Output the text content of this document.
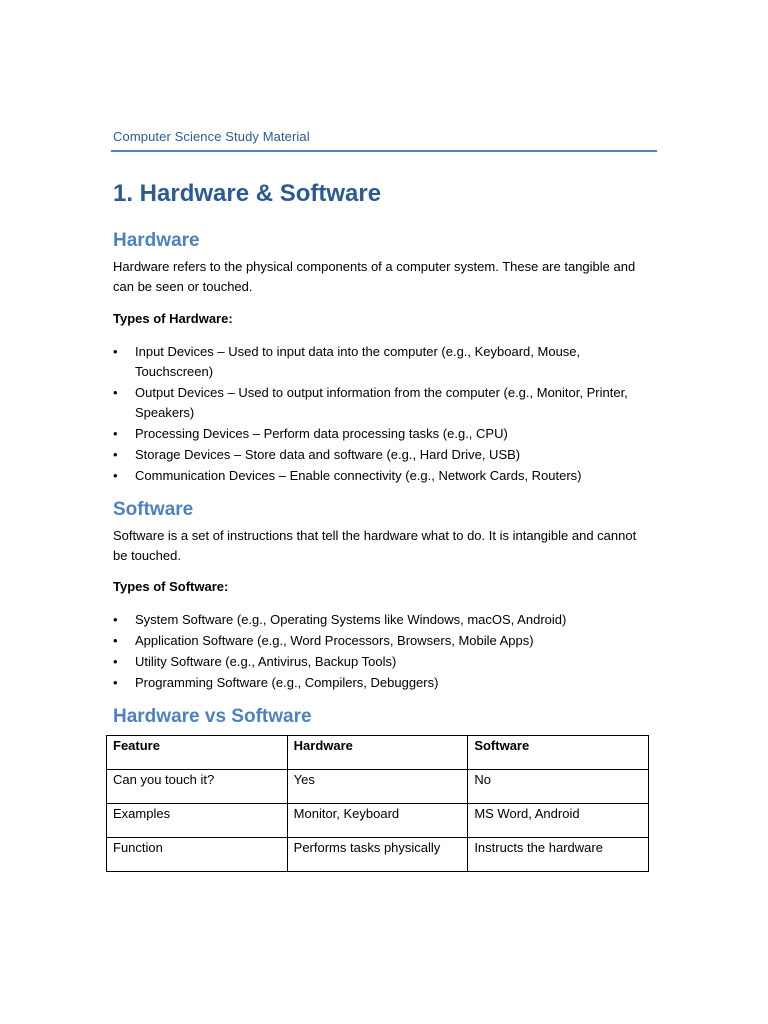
Computer Science Study Material
1. Hardware & Software
Hardware

Hardware refers to the physical components of a computer system. These are tangible and can be seen or touched.

Types of Hardware:

• Input Devices – Used to input data into the computer (e.g., Keyboard, Mouse, Touchscreen)
• Output Devices – Used to output information from the computer (e.g., Monitor, Printer, Speakers)
• Processing Devices – Perform data processing tasks (e.g., CPU)
• Storage Devices – Store data and software (e.g., Hard Drive, USB)
• Communication Devices – Enable connectivity (e.g., Network Cards, Routers)
Software

Software is a set of instructions that tell the hardware what to do. It is intangible and cannot be touched.

Types of Software:

• System Software (e.g., Operating Systems like Windows, macOS, Android)
• Application Software (e.g., Word Processors, Browsers, Mobile Apps)
• Utility Software (e.g., Antivirus, Backup Tools)
• Programming Software (e.g., Compilers, Debuggers)
Hardware vs Software
Feature	Hardware	Software
Can you touch it?	Yes	No
Examples	Monitor, Keyboard	MS Word, Android
Function	Performs tasks physically	Instructs the hardware
